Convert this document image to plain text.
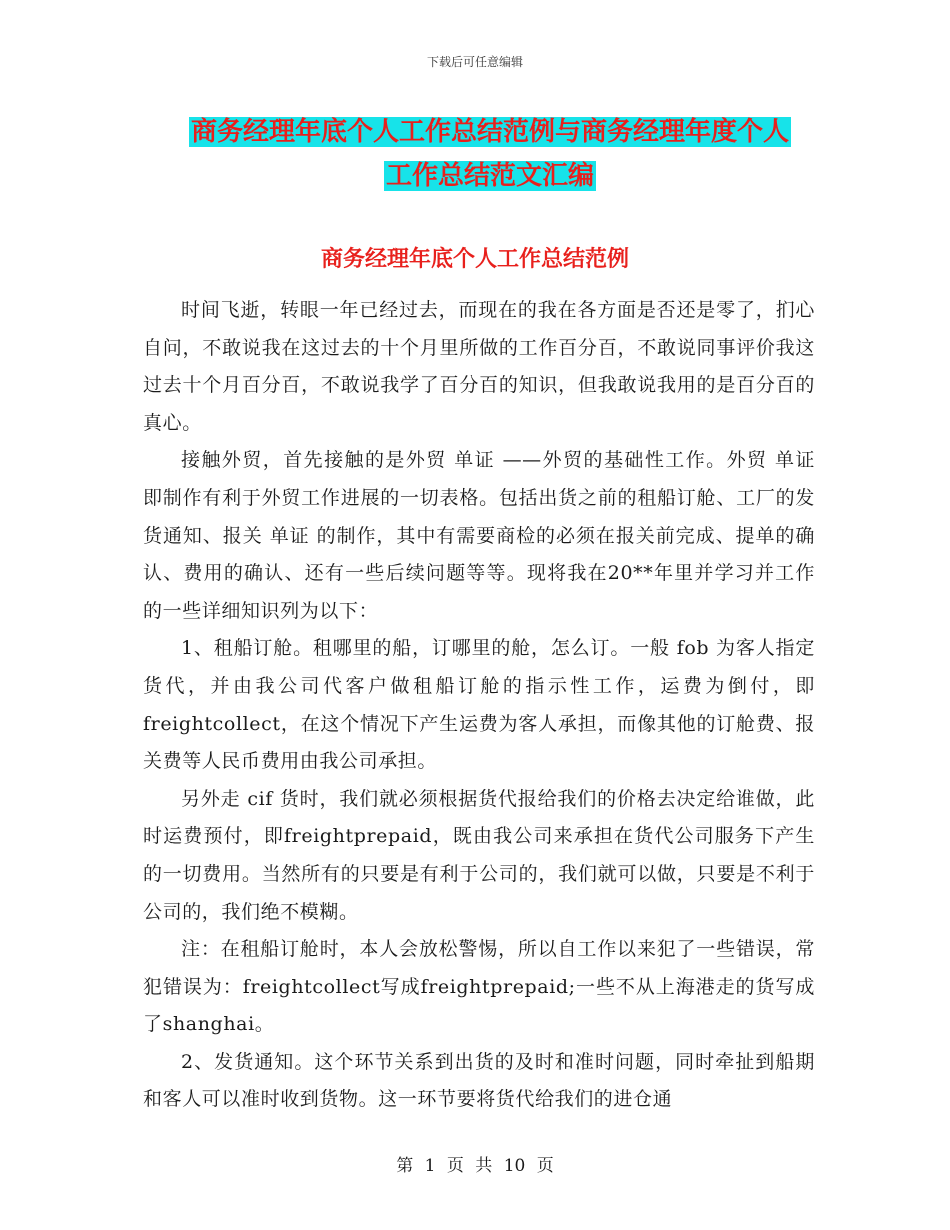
下载后可任意编辑
商务经理年底个人工作总结范例与商务经理年度个人
工作总结范文汇编
商务经理年底个人工作总结范例

时间飞逝，转眼一年已经过去，而现在的我在各方面是否还是零了，扪心自问，不敢说我在这过去的十个月里所做的工作百分百，不敢说同事评价我这过去十个月百分百，不敢说我学了百分百的知识，但我敢说我用的是百分百的真心。

接触外贸，首先接触的是外贸 单证 ——外贸的基础性工作。外贸 单证 即制作有利于外贸工作进展的一切表格。包括出货之前的租船订舱、工厂的发货通知、报关 单证 的制作，其中有需要商检的必须在报关前完成、提单的确认、费用的确认、还有一些后续问题等等。现将我在20**年里并学习并工作的一些详细知识列为以下：

1、租船订舱。租哪里的船，订哪里的舱，怎么订。一般 fob 为客人指定货代，并由我公司代客户做租船订舱的指示性工作，运费为倒付，即freightcollect，在这个情况下产生运费为客人承担，而像其他的订舱费、报关费等人民币费用由我公司承担。

另外走 cif 货时，我们就必须根据货代报给我们的价格去决定给谁做，此时运费预付，即freightprepaid，既由我公司来承担在货代公司服务下产生的一切费用。当然所有的只要是有利于公司的，我们就可以做，只要是不利于公司的，我们绝不模糊。

注：在租船订舱时，本人会放松警惕，所以自工作以来犯了一些错误，常犯错误为：freightcollect写成freightprepaid;一些不从上海港走的货写成了shanghai。

2、发货通知。这个环节关系到出货的及时和准时问题，同时牵扯到船期和客人可以准时收到货物。这一环节要将货代给我们的进仓通

第 1 页 共 10 页
